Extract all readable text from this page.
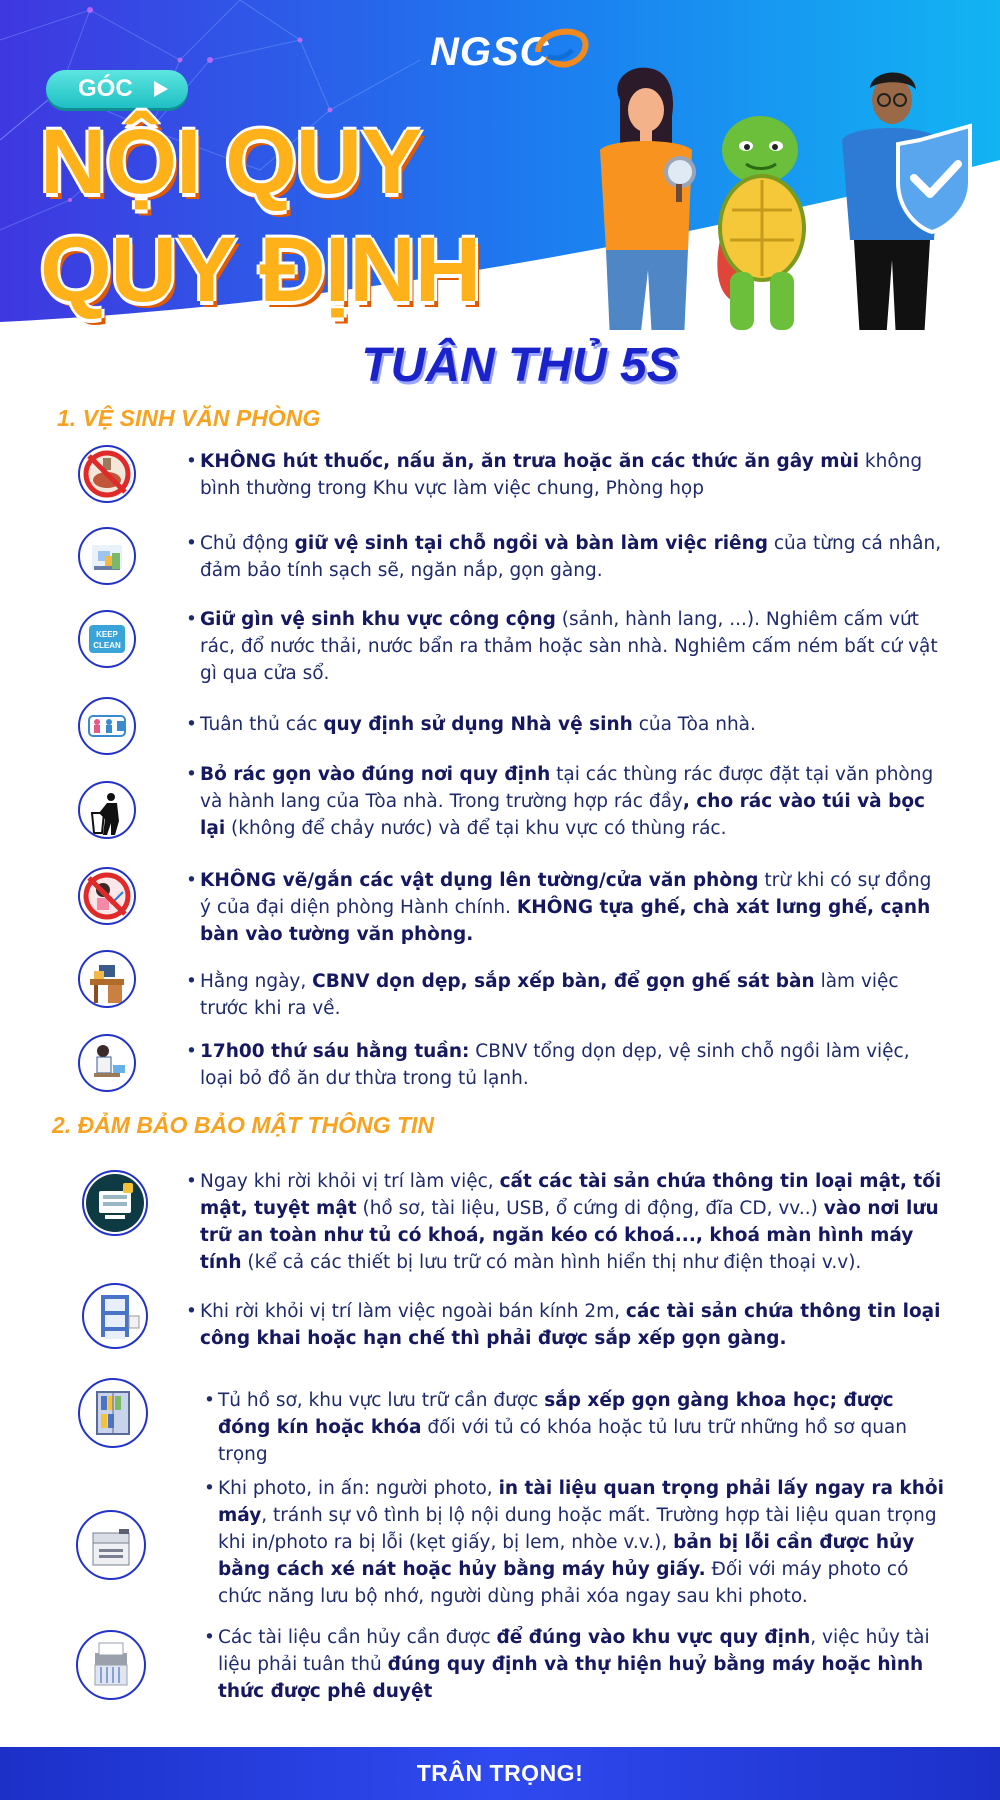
NGSC
GÓC
NỘI QUY
QUY ĐỊNH
TUÂN THỦ 5S
1. VỆ SINH VĂN PHÒNG
• KHÔNG hút thuốc, nấu ăn, ăn trưa hoặc ăn các thức ăn gây mùi không bình thường trong Khu vực làm việc chung, Phòng họp
• Chủ động giữ vệ sinh tại chỗ ngồi và bàn làm việc riêng của từng cá nhân, đảm bảo tính sạch sẽ, ngăn nắp, gọn gàng.
KEEP
CLEAN
• Giữ gìn vệ sinh khu vực công cộng (sảnh, hành lang, ...). Nghiêm cấm vứt rác, đổ nước thải, nước bẩn ra thảm hoặc sàn nhà. Nghiêm cấm ném bất cứ vật gì qua cửa sổ.
• Tuân thủ các quy định sử dụng Nhà vệ sinh của Tòa nhà.
• Bỏ rác gọn vào đúng nơi quy định tại các thùng rác được đặt tại văn phòng và hành lang của Tòa nhà. Trong trường hợp rác đầy, cho rác vào túi và bọc lại (không để chảy nước) và để tại khu vực có thùng rác.
• KHÔNG vẽ/gắn các vật dụng lên tường/cửa văn phòng trừ khi có sự đồng ý của đại diện phòng Hành chính. KHÔNG tựa ghế, chà xát lưng ghế, cạnh bàn vào tường văn phòng.
• Hằng ngày, CBNV dọn dẹp, sắp xếp bàn, để gọn ghế sát bàn làm việc trước khi ra về.
• 17h00 thứ sáu hằng tuần: CBNV tổng dọn dẹp, vệ sinh chỗ ngồi làm việc, loại bỏ đồ ăn dư thừa trong tủ lạnh.
2. ĐẢM BẢO BẢO MẬT THÔNG TIN
• Ngay khi rời khỏi vị trí làm việc, cất các tài sản chứa thông tin loại mật, tối mật, tuyệt mật (hồ sơ, tài liệu, USB, ổ cứng di động, đĩa CD, vv..) vào nơi lưu trữ an toàn như tủ có khoá, ngăn kéo có khoá..., khoá màn hình máy tính (kể cả các thiết bị lưu trữ có màn hình hiển thị như điện thoại v.v).
• Khi rời khỏi vị trí làm việc ngoài bán kính 2m, các tài sản chứa thông tin loại công khai hoặc hạn chế thì phải được sắp xếp gọn gàng.
• Tủ hồ sơ, khu vực lưu trữ cần được sắp xếp gọn gàng khoa học; được đóng kín hoặc khóa đối với tủ có khóa hoặc tủ lưu trữ những hồ sơ quan trọng
• Khi photo, in ấn: người photo, in tài liệu quan trọng phải lấy ngay ra khỏi máy, tránh sự vô tình bị lộ nội dung hoặc mất. Trường hợp tài liệu quan trọng khi in/photo ra bị lỗi (kẹt giấy, bị lem, nhòe v.v.), bản bị lỗi cần được hủy bằng cách xé nát hoặc hủy bằng máy hủy giấy. Đối với máy photo có chức năng lưu bộ nhớ, người dùng phải xóa ngay sau khi photo.
• Các tài liệu cần hủy cần được để đúng vào khu vực quy định, việc hủy tài liệu phải tuân thủ đúng quy định và thự hiện huỷ bằng máy hoặc hình thức được phê duyệt
TRÂN TRỌNG!
